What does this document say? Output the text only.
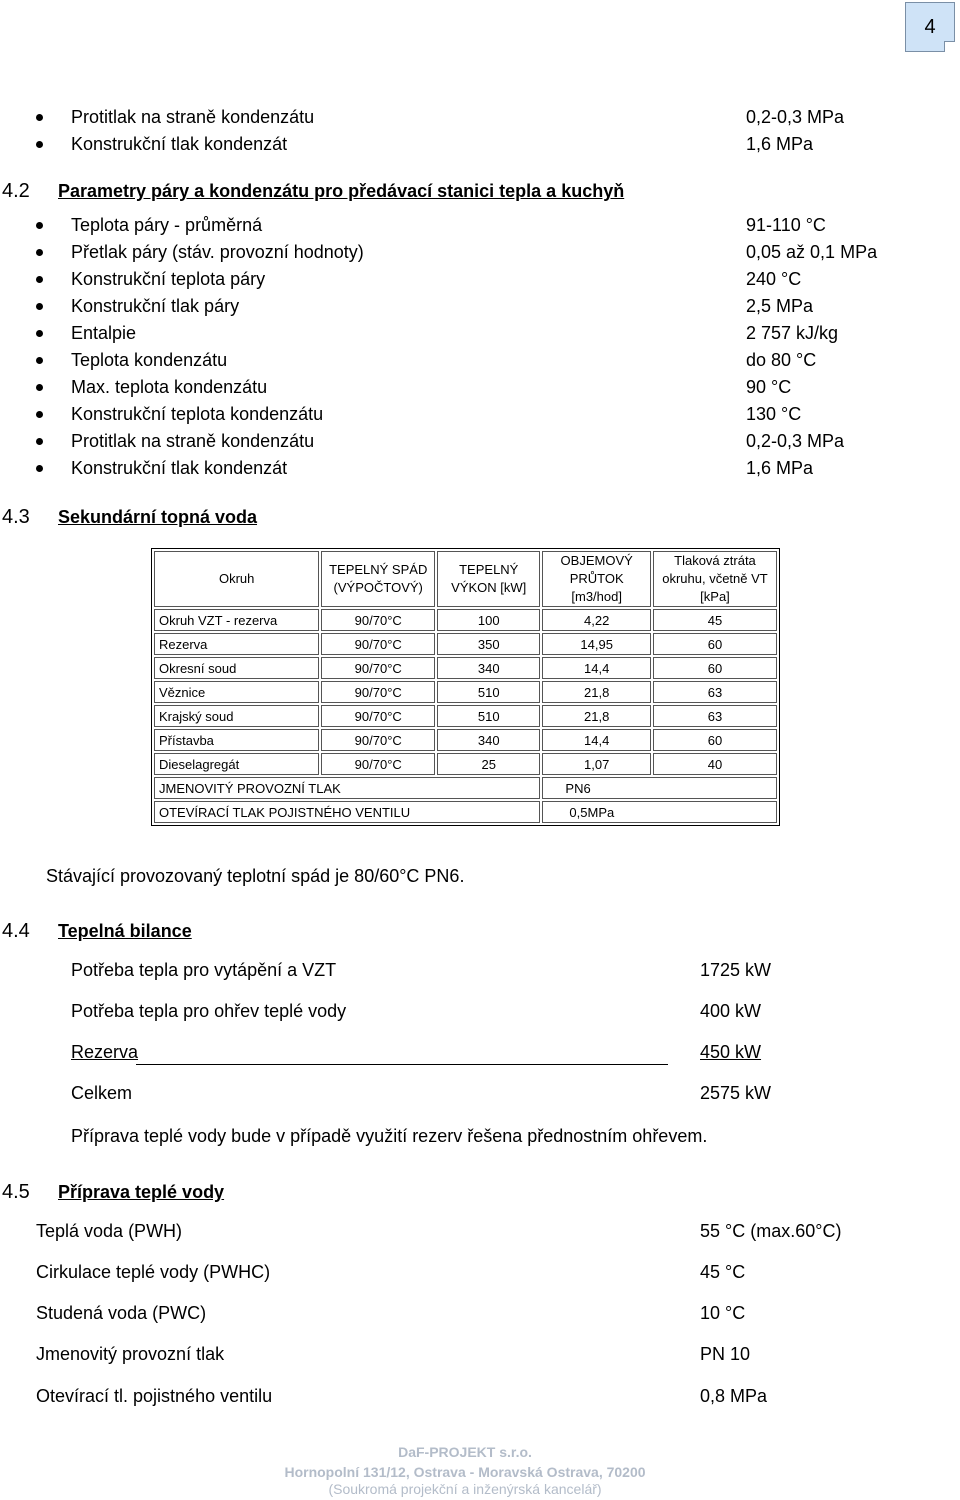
4
Protitlak na straně kondenzátu	0,2-0,3 MPa
Konstrukční tlak kondenzát	1,6 MPa
4.2 Parametry páry a kondenzátu pro předávací stanici tepla a kuchyň
Teplota páry - průměrná	91-110 °C
Přetlak páry (stáv. provozní hodnoty)	0,05 až 0,1 MPa
Konstrukční teplota páry	240 °C
Konstrukční tlak páry	2,5 MPa
Entalpie	2 757 kJ/kg
Teplota kondenzátu	do 80 °C
Max. teplota kondenzátu	90 °C
Konstrukční teplota kondenzátu	130 °C
Protitlak na straně kondenzátu	0,2-0,3 MPa
Konstrukční tlak kondenzát	1,6 MPa
4.3 Sekundární topná voda
Okruh	TEPELNÝ SPÁD (VÝPOČTOVÝ)	TEPELNÝ VÝKON [kW]	OBJEMOVÝ PRŮTOK [m3/hod]	Tlaková ztráta okruhu, včetně VT [kPa]
Okruh VZT - rezerva	90/70°C	100	4,22	45
Rezerva	90/70°C	350	14,95	60
Okresní soud	90/70°C	340	14,4	60
Věznice	90/70°C	510	21,8	63
Krajský soud	90/70°C	510	21,8	63
Přístavba	90/70°C	340	14,4	60
Dieselagregát	90/70°C	25	1,07	40
JMENOVITÝ PROVOZNÍ TLAK			PN6	
OTEVÍRACÍ TLAK POJISTNÉHO VENTILU			0,5MPa	
Stávající provozovaný teplotní spád je 80/60°C PN6.
4.4 Tepelná bilance
Potřeba tepla pro vytápění a VZT	1725 kW
Potřeba tepla pro ohřev teplé vody	400 kW
Rezerva	450 kW
Celkem	2575 kW
Příprava teplé vody bude v případě využití rezerv řešena přednostním ohřevem.
4.5 Příprava teplé vody
Teplá voda (PWH)	55 °C (max.60°C)
Cirkulace teplé vody (PWHC)	45 °C
Studená voda (PWC)	10 °C
Jmenovitý provozní tlak	PN 10
Otevírací tl. pojistného ventilu	0,8 MPa
DaF-PROJEKT s.r.o.
Hornopolní 131/12, Ostrava - Moravská Ostrava, 70200
(Soukromá projekční a inženýrská kancelář)
